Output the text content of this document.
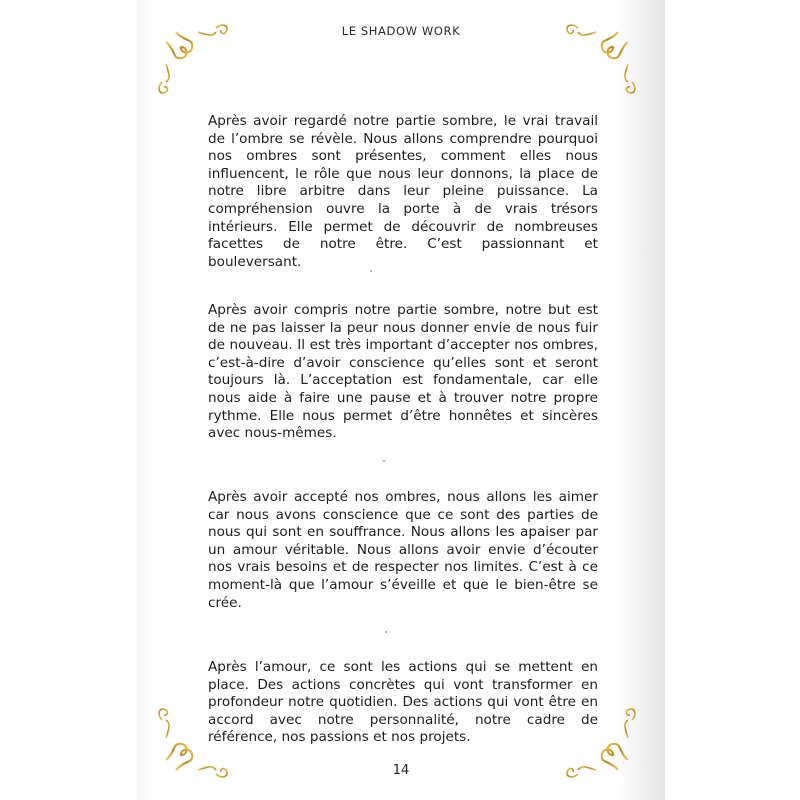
LE SHADOW WORK

Après avoir regardé notre partie sombre, le vrai travail de l’ombre se révèle. Nous allons comprendre pourquoi nos ombres sont présentes, comment elles nous influencent, le rôle que nous leur donnons, la place de notre libre arbitre dans leur pleine puissance. La compréhension ouvre la porte à de vrais trésors intérieurs. Elle permet de découvrir de nombreuses facettes de notre être. C’est passionnant et bouleversant.

Après avoir compris notre partie sombre, notre but est de ne pas laisser la peur nous donner envie de nous fuir de nouveau. Il est très important d’accepter nos ombres, c’est-à-dire d’avoir conscience qu’elles sont et seront toujours là. L’acceptation est fondamentale, car elle nous aide à faire une pause et à trouver notre propre rythme. Elle nous permet d’être honnêtes et sincères avec nous-mêmes.

Après avoir accepté nos ombres, nous allons les aimer car nous avons conscience que ce sont des parties de nous qui sont en souffrance. Nous allons les apaiser par un amour véritable. Nous allons avoir envie d’écouter nos vrais besoins et de respecter nos limites. C’est à ce moment-là que l’amour s’éveille et que le bien-être se crée.

Après l’amour, ce sont les actions qui se mettent en place. Des actions concrètes qui vont transformer en profondeur notre quotidien. Des actions qui vont être en accord avec notre personnalité, notre cadre de référence, nos passions et nos projets.

14
